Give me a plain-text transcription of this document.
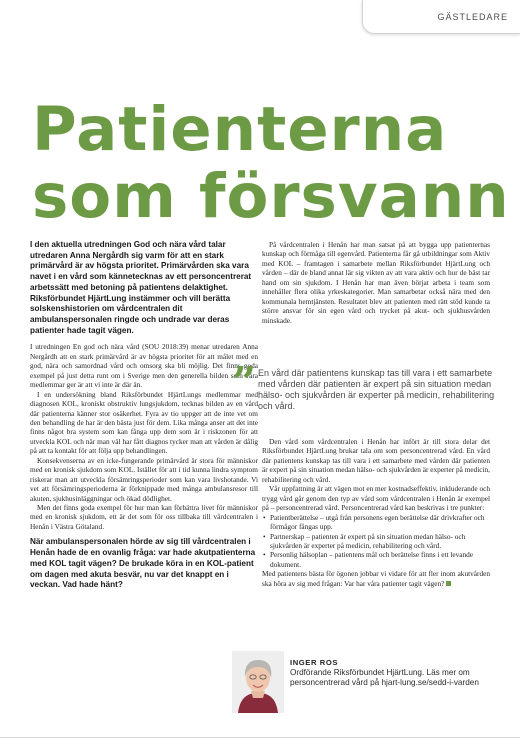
GÄSTLEDARE
Patienterna
som försvann

I den aktuella utredningen God och nära vård talar utredaren Anna Nergårdh sig varm för att en stark primärvård är av högsta prioritet. Primärvården ska vara navet i en vård som kännetecknas av ett personcentrerat arbetssätt med betoning på patientens delaktighet. Riksförbundet HjärtLung instämmer och vill berätta solskenshistorien om vårdcentralen dit ambulanspersonalen ringde och undrade var deras patienter hade tagit vägen.

I utredningen En god och nära vård (SOU 2018:39) menar utredaren Anna Nergårdh att en stark primärvård är av högsta prioritet för att målet med en god, nära och samordnad vård och omsorg ska bli möjlig. Det finns goda exempel på just detta runt om i Sverige men den generella bilden som våra medlemmar ger är att vi inte är där än.

I en undersökning bland Riksförbundet HjärtLungs medlemmar med diagnosen KOL, kroniskt obstruktiv lungsjukdom, tecknas bilden av en vård där patienterna känner stor osäkerhet. Fyra av tio uppger att de inte vet om den behandling de har är den bästa just för dem. Lika många anser att det inte finns något bra system som kan fånga upp dem som är i riskzonen för att utveckla KOL och när man väl har fått diagnos tycker man att vården är dålig på att ta kontakt för att följa upp behandlingen.

Konsekvenserna av en icke-fungerande primärvård är stora för människor med en kronisk sjukdom som KOL. Istället för att i tid kunna lindra symptom riskerar man att utveckla försämringsperioder som kan vara livshotande. Vi vet att försämringsperioderna är förknippade med många ambulansresor till akuten, sjukhusinläggningar och ökad dödlighet.

Men det finns goda exempel för hur man kan förbättra livet för människor med en kronisk sjukdom, ett är det som för oss tillbaka till vårdcentralen i Henån i Västra Götaland.

När ambulanspersonalen hörde av sig till vårdcentralen i Henån hade de en ovanlig fråga: var hade akutpatienterna med KOL tagit vägen? De brukade köra in en KOL-patient om dagen med akuta besvär, nu var det knappt en i veckan. Vad hade hänt?

På vårdcentralen i Henån har man satsat på att bygga upp patienternas kunskap och förmåga till egenvård. Patienterna får gå utbildningar som Aktiv med KOL – framtagen i samarbete mellan Riksförbundet HjärtLung och vården – där de bland annat lär sig vikten av att vara aktiv och hur de bäst tar hand om sin sjukdom. I Henån har man även börjat arbeta i team som innehåller flera olika yrkeskategorier. Man samarbetar också nära med den kommunala hemtjänsten. Resultatet blev att patienten med rätt stöd kunde ta större ansvar för sin egen vård och trycket på akut- och sjukhusvården minskade.

” En vård där patientens kunskap tas till vara i ett samarbete med vården där patienten är expert på sin situation medan hälso- och sjukvården är experter på medicin, rehabilitering och vård.

Den vård som vårdcentralen i Henån har infört är till stora delar det Riksförbundet HjärtLung brukar tala om som personcentrerad vård. En vård där patientens kunskap tas till vara i ett samarbete med vården där patienten är expert på sin situation medan hälso- och sjukvården är experter på medicin, rehabilitering och vård.

Vår uppfattning är att vägen mot en mer kostnadseffektiv, inkluderande och trygg vård går genom den typ av vård som vårdcentralen i Henån är exempel på – personcentrerad vård. Personcentrerad vård kan beskrivas i tre punkter:

• Patientberättelse – utgå från personens egen berättelse där drivkrafter och förmågor fångas upp.
• Partnerskap – patienten är expert på sin situation medan hälso- och sjukvården är experter på medicin, rehabilitering och vård.
• Personlig hälsoplan – patientens mål och berättelse finns i ett levande dokument.

Med patientens bästa för ögonen jobbar vi vidare för att fler inom akutvården ska höra av sig med frågan: Var har våra patienter tagit vägen?

INGER ROS
Ordförande Riksförbundet HjärtLung. Läs mer om personcentrerad vård på hjart-lung.se/sedd-i-varden
